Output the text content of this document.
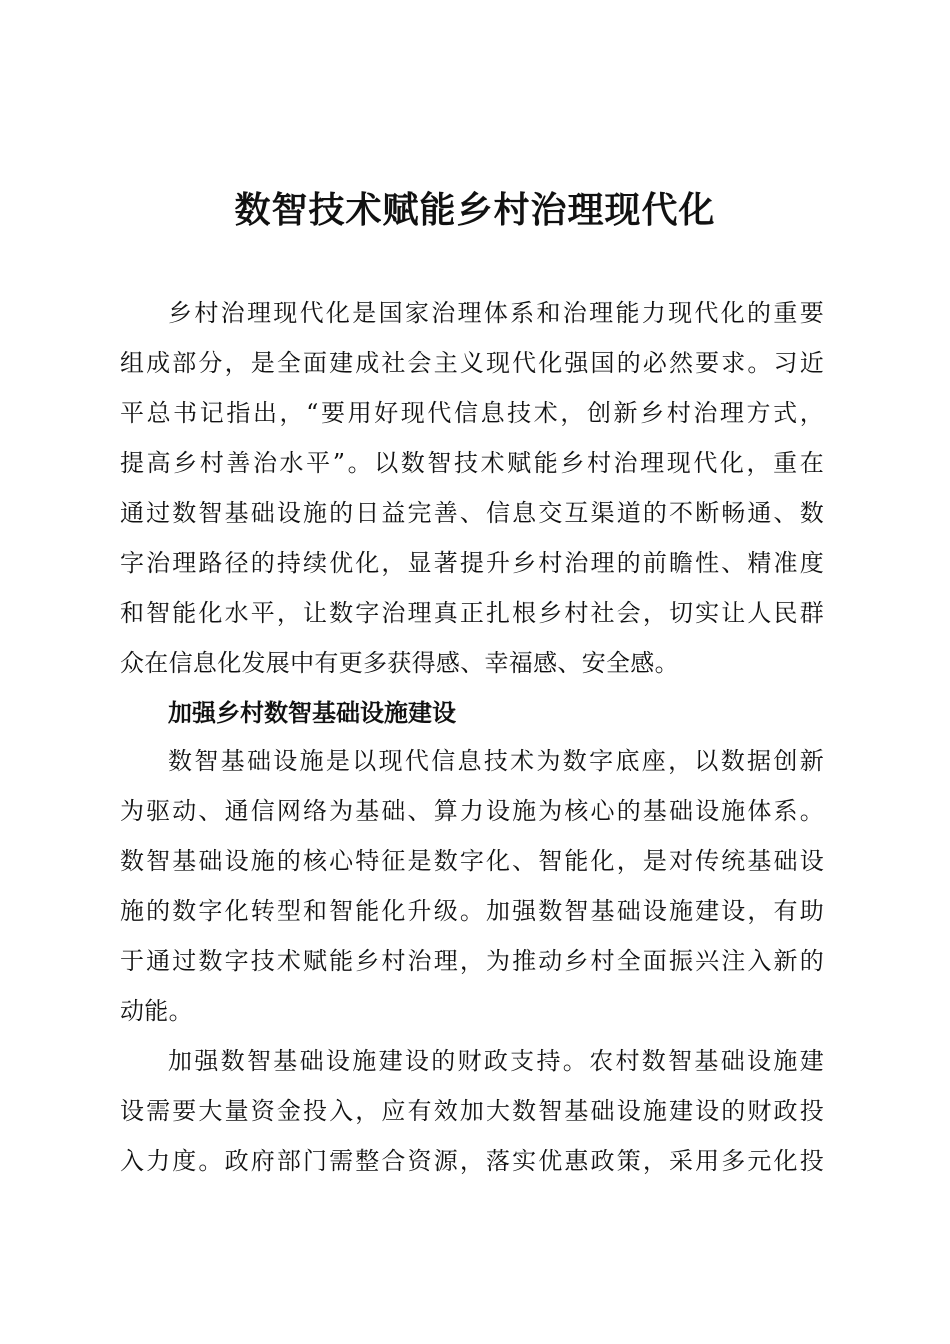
数智技术赋能乡村治理现代化
乡村治理现代化是国家治理体系和治理能力现代化的重要
组成部分，是全面建成社会主义现代化强国的必然要求。习近
平总书记指出，“要用好现代信息技术，创新乡村治理方式，
提高乡村善治水平”。以数智技术赋能乡村治理现代化，重在
通过数智基础设施的日益完善、信息交互渠道的不断畅通、数
字治理路径的持续优化，显著提升乡村治理的前瞻性、精准度
和智能化水平，让数字治理真正扎根乡村社会，切实让人民群
众在信息化发展中有更多获得感、幸福感、安全感。
加强乡村数智基础设施建设
数智基础设施是以现代信息技术为数字底座，以数据创新
为驱动、通信网络为基础、算力设施为核心的基础设施体系。
数智基础设施的核心特征是数字化、智能化，是对传统基础设
施的数字化转型和智能化升级。加强数智基础设施建设，有助
于通过数字技术赋能乡村治理，为推动乡村全面振兴注入新的
动能。
加强数智基础设施建设的财政支持。农村数智基础设施建
设需要大量资金投入，应有效加大数智基础设施建设的财政投
入力度。政府部门需整合资源，落实优惠政策，采用多元化投
